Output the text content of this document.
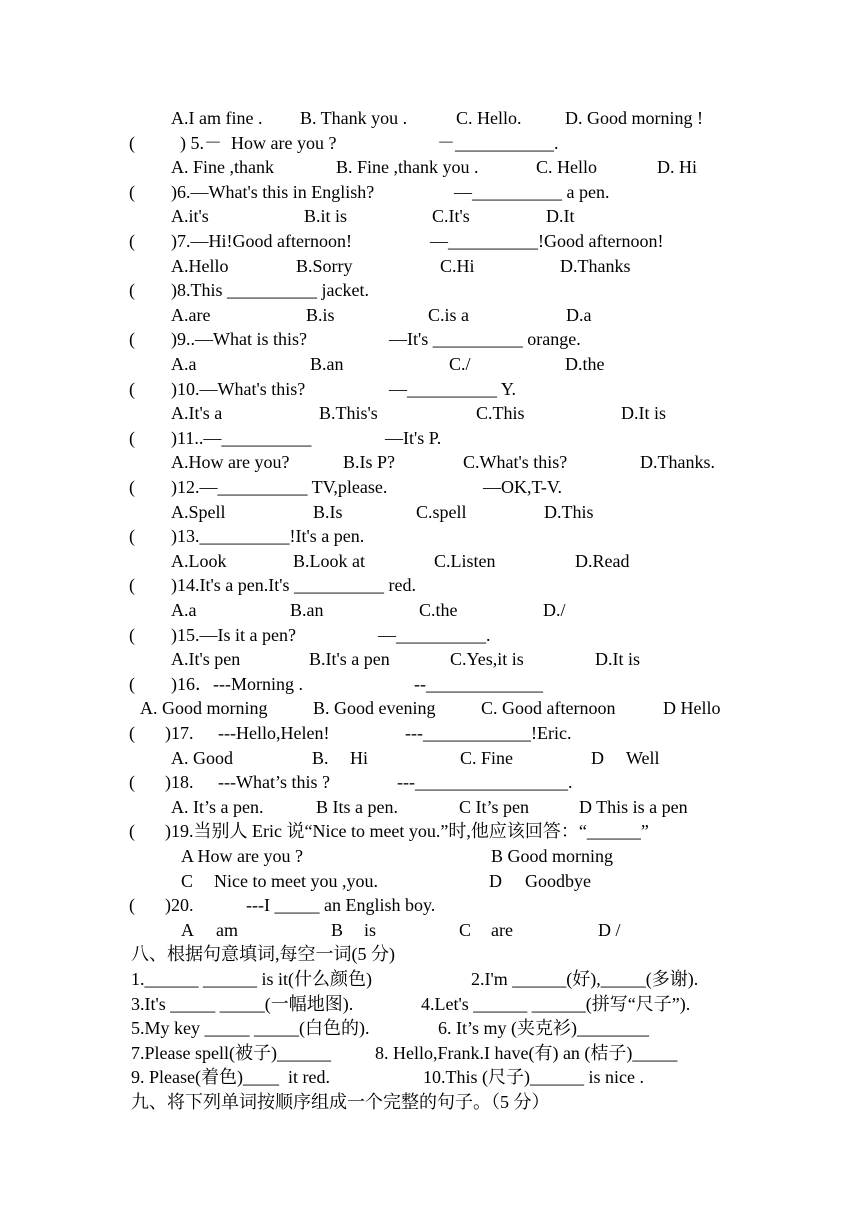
A.I am fine . B. Thank you .	C. Hello. D. Good morning !
( ) 5.－  How are you ?	－___________.
A. Fine ,thank	B. Fine ,thank you .	C. Hello	D. Hi
( )6.—What's this in English?	—__________ a pen.
A.it's	B.it is	C.It's	D.It
( )7.—Hi!Good afternoon!	—__________!Good afternoon!
A.Hello	B.Sorry	C.Hi	D.Thanks
( )8.This __________ jacket.
A.are	B.is	C.is a	D.a
( )9..—What is this?	—It's __________ orange.
A.a	B.an	C./	D.the
( )10.—What's this?	—__________ Y.
A.It's a	B.This's	C.This	D.It is
( )11..—__________	—It's P.
A.How are you?	B.Is P?	C.What's this?	D.Thanks.
( )12.—__________ TV,please.	—OK,T-V.
A.Spell	B.Is	C.spell	D.This
( )13.__________!It's a pen.
A.Look	B.Look at	C.Listen	D.Read
( )14.It's a pen.It's __________ red.
A.a	B.an	C.the	D./
( )15.—Is it a pen?	—__________.
A.It's pen	B.It's a pen	C.Yes,it is	D.It is
( )16．---Morning .	--_____________
A. Good morning	B. Good evening	C. Good afternoon	D Hello
( )17. ---Hello,Helen!	---____________!Eric.
A. Good	B. Hi	C. Fine	D Well
( )18. ---What’s this ?	---_________________.
A. It’s a pen.	B Its a pen.	C It’s pen	D This is a pen
( )19.当别人 Eric 说“Nice to meet you.”时,他应该回答：“______”
A How are you ?	B Good morning
C Nice to meet you ,you.	D Goodbye
( )20.	---I _____ an English boy.
A am	B is	C are	D /
八、根据句意填词,每空一词(5 分)
1.______ ______ is it(什么颜色)	2.I'm ______(好),_____(多谢).
3.It's _____ _____(一幅地图).	4.Let's ______ ______(拼写“尺子”).
5.My key _____ _____(白色的).	6. It’s my (夹克衫)________
7.Please spell(被子)______ 8. Hello,Frank.I have(有) an (桔子)_____
9. Please(着色)____  it red.	10.This (尺子)______ is nice .
九、将下列单词按顺序组成一个完整的句子。（5 分）
